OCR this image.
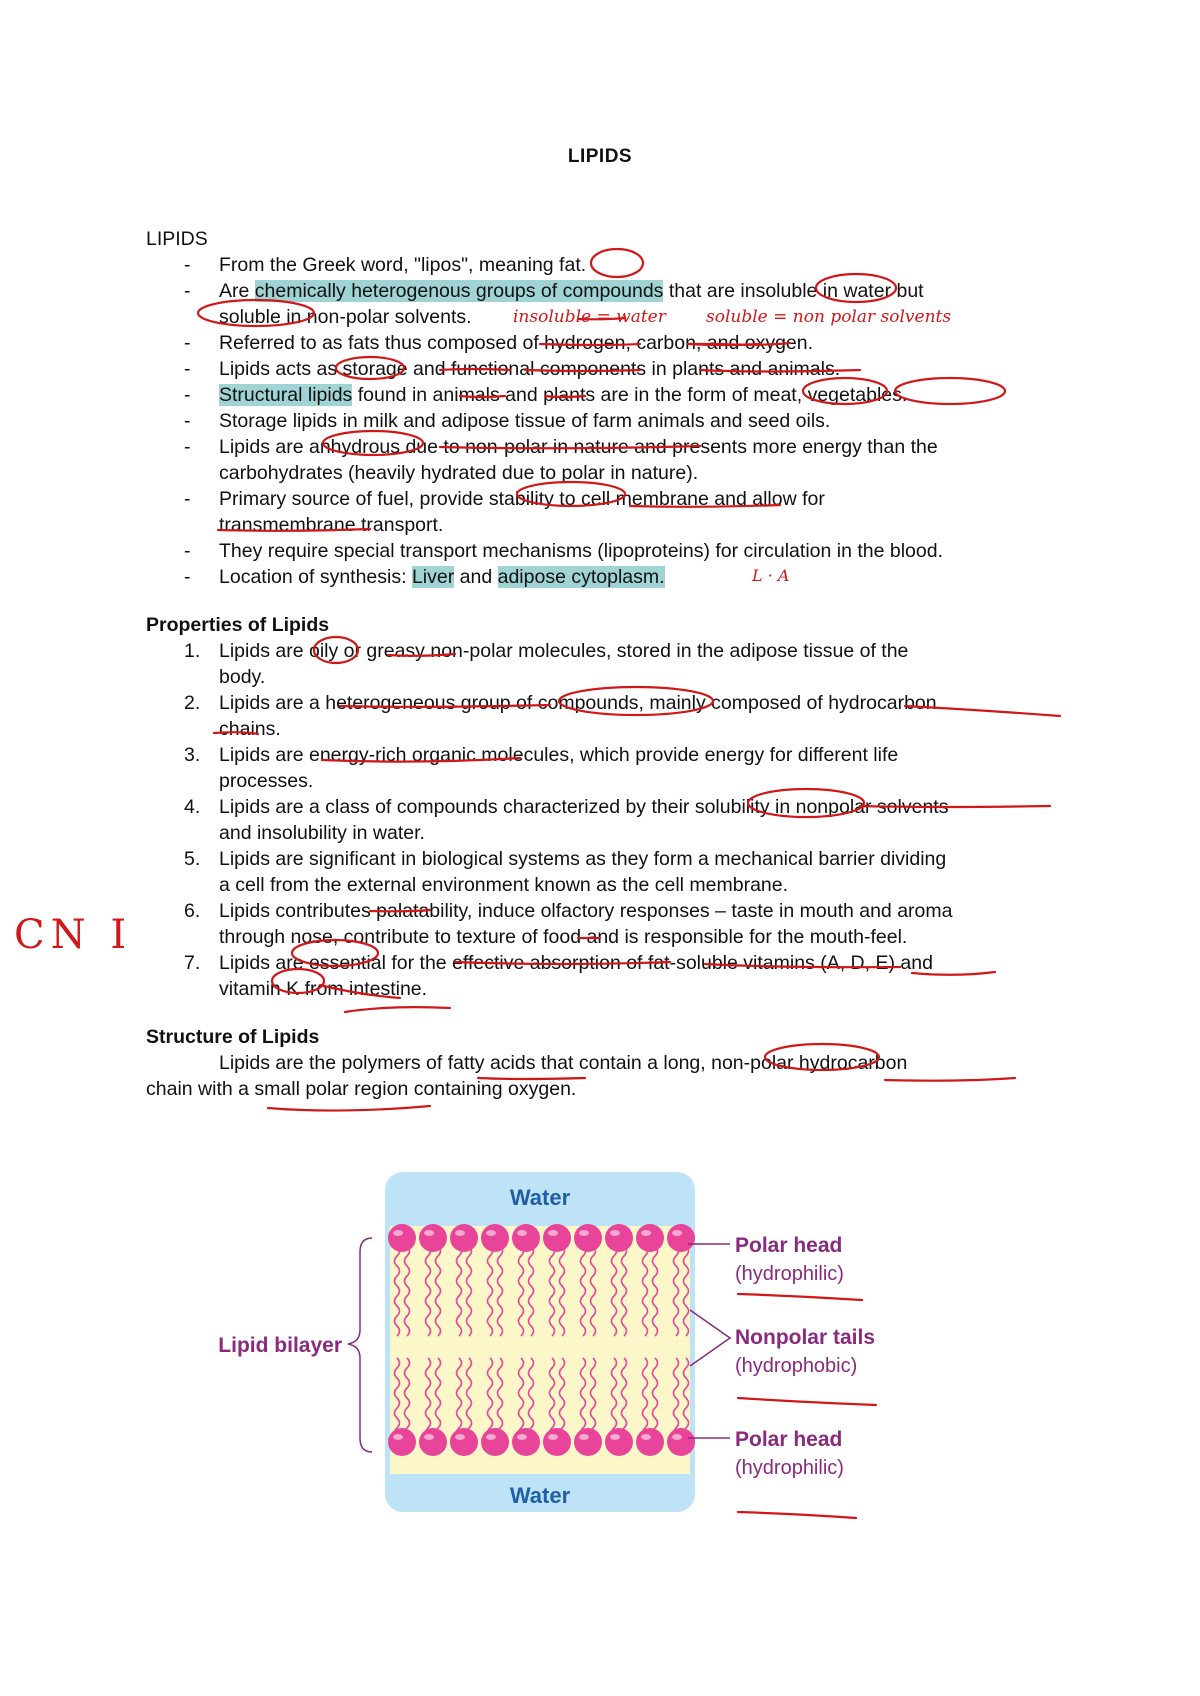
LIPIDS
LIPIDS
-
-
-
-
-
-
-
-
-
-
From the Greek word, "lipos", meaning fat.
Are chemically heterogenous groups of compounds that are insoluble in water but
soluble in non-polar solvents.
Referred to as fats thus composed of hydrogen, carbon, and oxygen.
Lipids acts as storage and functional components in plants and animals.
Structural lipids found in animals and plants are in the form of meat, vegetables.
Storage lipids in milk and adipose tissue of farm animals and seed oils.
Lipids are anhydrous due to non-polar in nature and presents more energy than the
carbohydrates (heavily hydrated due to polar in nature).
Primary source of fuel, provide stability to cell membrane and allow for
transmembrane transport.
They require special transport mechanisms (lipoproteins) for circulation in the blood.
Location of synthesis: Liver and adipose cytoplasm.
Properties of Lipids
1. Lipids are oily or greasy non-polar molecules, stored in the adipose tissue of the
body.
2. Lipids are a heterogeneous group of compounds, mainly composed of hydrocarbon
chains.
3. Lipids are energy-rich organic molecules, which provide energy for different life
processes.
4. Lipids are a class of compounds characterized by their solubility in nonpolar solvents
and insolubility in water.
5. Lipids are significant in biological systems as they form a mechanical barrier dividing
a cell from the external environment known as the cell membrane.
6. Lipids contributes palatability, induce olfactory responses – taste in mouth and aroma
through nose, contribute to texture of food and is responsible for the mouth-feel.
7. Lipids are essential for the effective absorption of fat-soluble vitamins (A, D, E) and
vitamin K from intestine.
Structure of Lipids
Lipids are the polymers of fatty acids that contain a long, non-polar hydrocarbon
chain with a small polar region containing oxygen.
insoluble = water soluble = non polar solvents
L · A
CN I
Water
Water
Lipid bilayer
Polar head
(hydrophilic)
Nonpolar tails
(hydrophobic)
Polar head
(hydrophilic)
